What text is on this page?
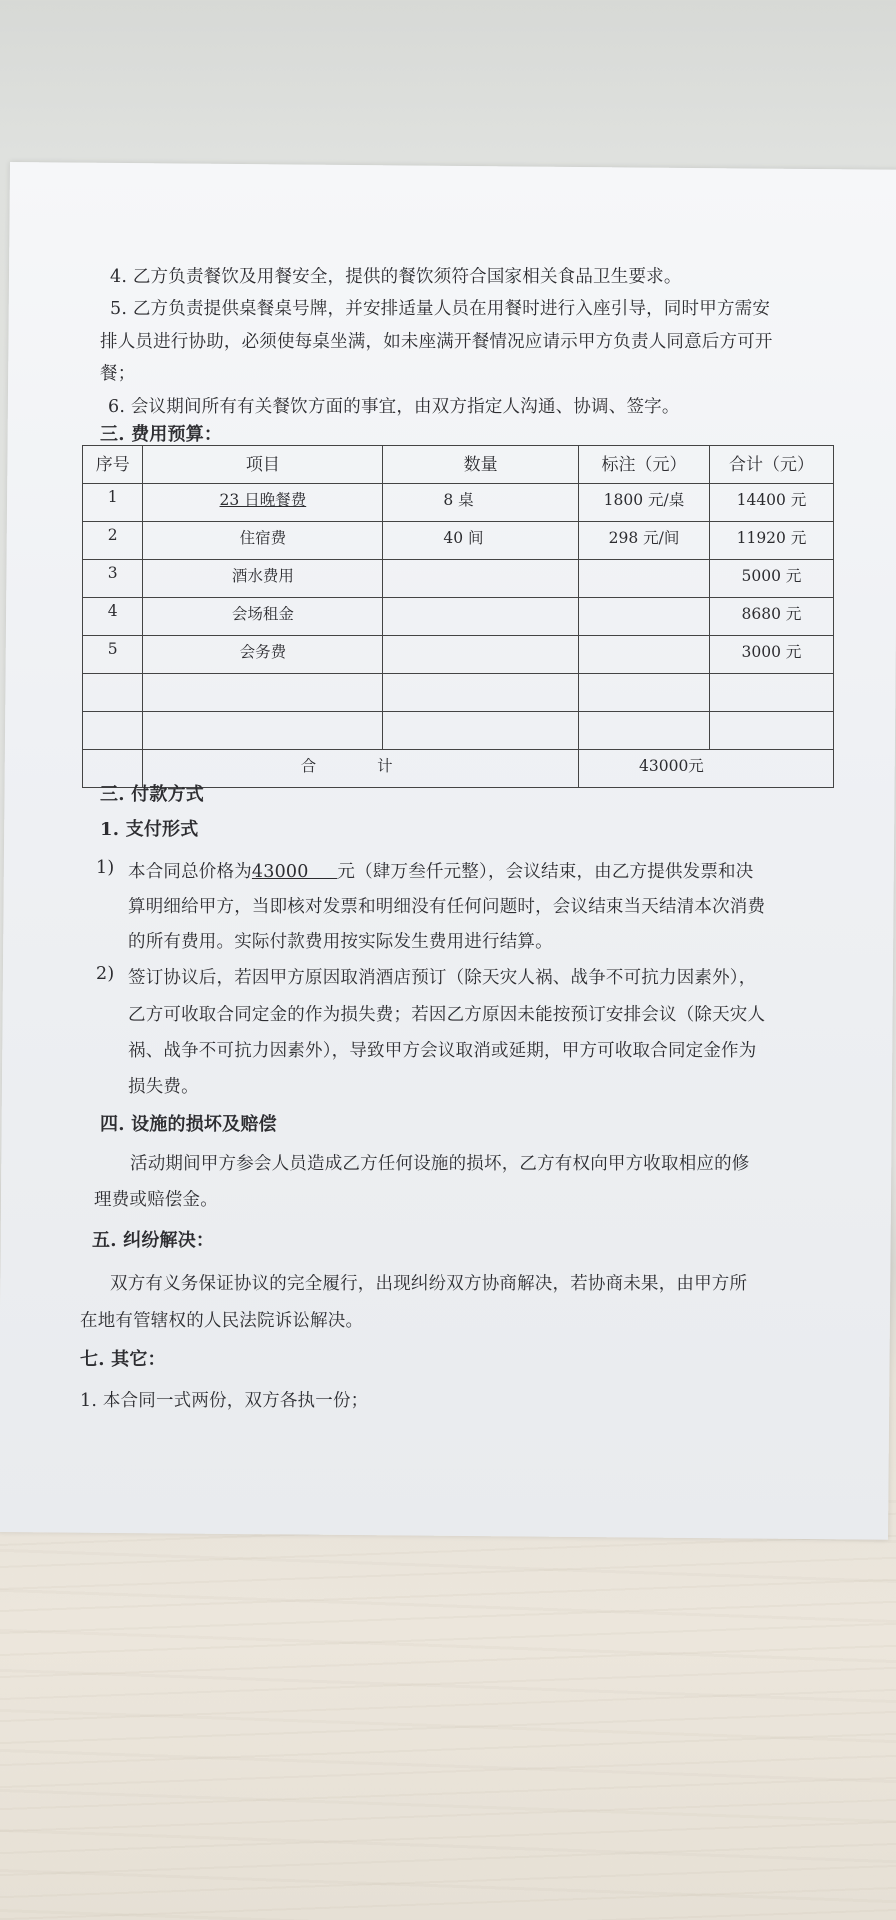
4. 乙方负责餐饮及用餐安全，提供的餐饮须符合国家相关食品卫生要求。
5. 乙方负责提供桌餐桌号牌，并安排适量人员在用餐时进行入座引导，同时甲方需安
排人员进行协助，必须使每桌坐满，如未座满开餐情况应请示甲方负责人同意后方可开
餐；
6. 会议期间所有有关餐饮方面的事宜，由双方指定人沟通、协调、签字。
三. 费用预算：
序号	项目	数量	标注（元）	合计（元）
1	23 日晚餐费	8 桌	1800 元/桌	14400 元
2	住宿费	40 间	298 元/间	11920 元
3	酒水费用			5000 元
4	会场租金			8680 元
5	会务费			3000 元

	合 计		43000元	
三. 付款方式
1. 支付形式
1) 本合同总价格为43000     元（肆万叁仟元整），会议结束，由乙方提供发票和决
算明细给甲方，当即核对发票和明细没有任何问题时，会议结束当天结清本次消费
的所有费用。实际付款费用按实际发生费用进行结算。
2) 签订协议后，若因甲方原因取消酒店预订（除天灾人祸、战争不可抗力因素外），
乙方可收取合同定金的作为损失费；若因乙方原因未能按预订安排会议（除天灾人
祸、战争不可抗力因素外），导致甲方会议取消或延期，甲方可收取合同定金作为
损失费。
四. 设施的损坏及赔偿
活动期间甲方参会人员造成乙方任何设施的损坏，乙方有权向甲方收取相应的修
理费或赔偿金。
五. 纠纷解决：
双方有义务保证协议的完全履行，出现纠纷双方协商解决，若协商未果，由甲方所
在地有管辖权的人民法院诉讼解决。
七. 其它：
1. 本合同一式两份，双方各执一份；
